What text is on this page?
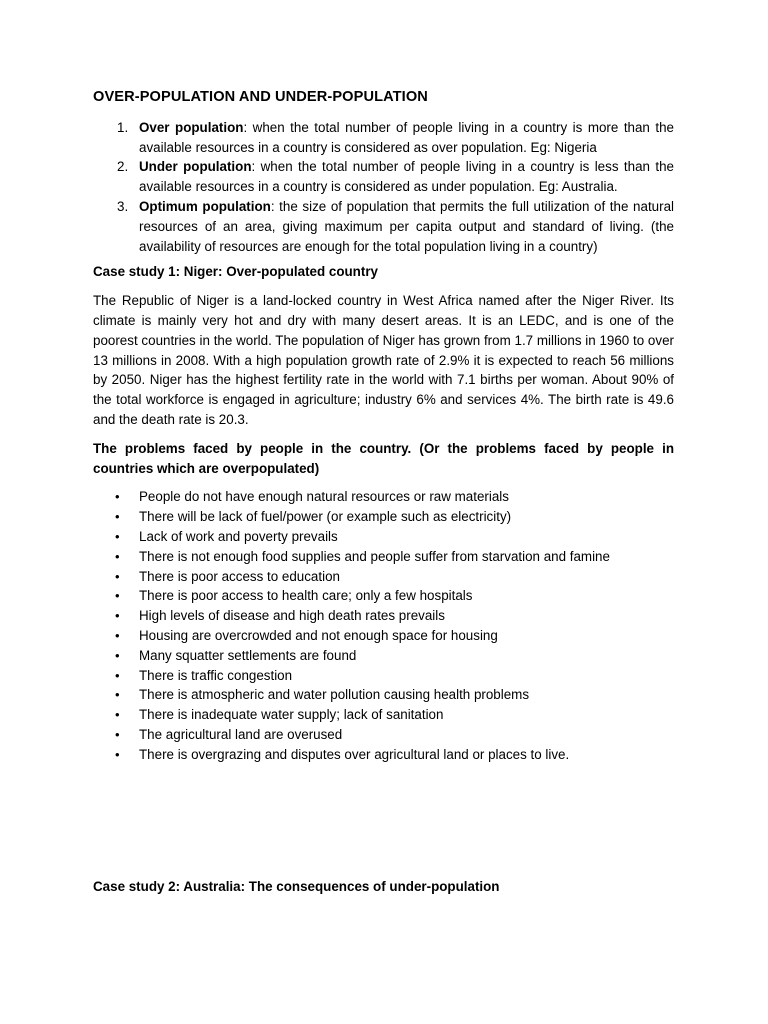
OVER-POPULATION AND UNDER-POPULATION
1. Over population: when the total number of people living in a country is more than the available resources in a country is considered as over population. Eg: Nigeria
2. Under population: when the total number of people living in a country is less than the available resources in a country is considered as under population. Eg: Australia.
3. Optimum population: the size of population that permits the full utilization of the natural resources of an area, giving maximum per capita output and standard of living. (the availability of resources are enough for the total population living in a country)
Case study 1: Niger: Over-populated country
The Republic of Niger is a land-locked country in West Africa named after the Niger River. Its climate is mainly very hot and dry with many desert areas. It is an LEDC, and is one of the poorest countries in the world. The population of Niger has grown from 1.7 millions in 1960 to over 13 millions in 2008. With a high population growth rate of 2.9% it is expected to reach 56 millions by 2050. Niger has the highest fertility rate in the world with 7.1 births per woman. About 90% of the total workforce is engaged in agriculture; industry 6% and services 4%. The birth rate is 49.6 and the death rate is 20.3.
The problems faced by people in the country. (Or the problems faced by people in countries which are overpopulated)
• People do not have enough natural resources or raw materials
• There will be lack of fuel/power (or example such as electricity)
• Lack of work and poverty prevails
• There is not enough food supplies and people suffer from starvation and famine
• There is poor access to education
• There is poor access to health care; only a few hospitals
• High levels of disease and high death rates prevails
• Housing are overcrowded and not enough space for housing
• Many squatter settlements are found
• There is traffic congestion
• There is atmospheric and water pollution causing health problems
• There is inadequate water supply; lack of sanitation
• The agricultural land are overused
• There is overgrazing and disputes over agricultural land or places to live.
Case study 2: Australia: The consequences of under-population
